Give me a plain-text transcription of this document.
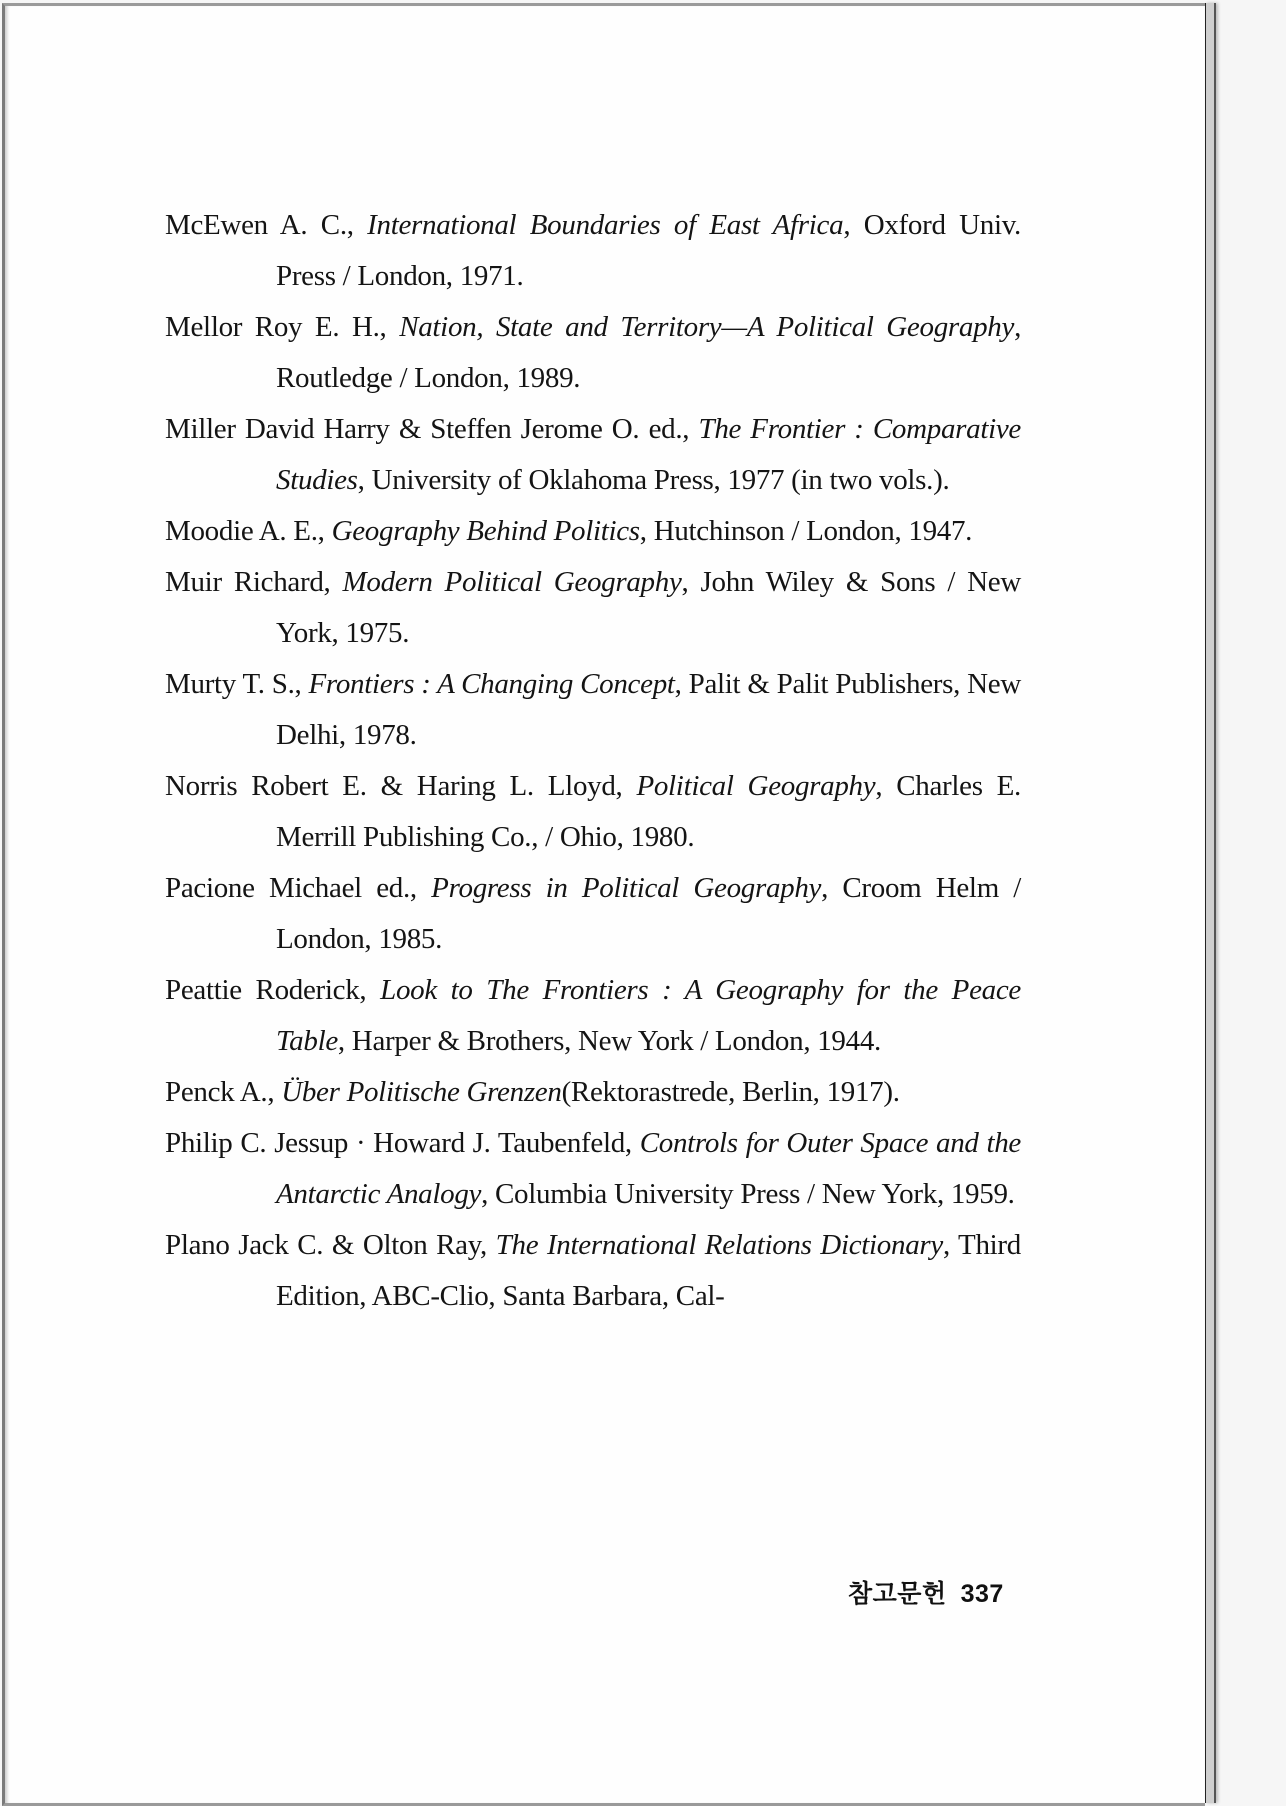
McEwen A. C., International Boundaries of East Africa, Oxford Univ. Press / London, 1971.

Mellor Roy E. H., Nation, State and Territory—A Political Geography, Routledge / London, 1989.

Miller David Harry & Steffen Jerome O. ed., The Frontier : Comparative Studies, University of Oklahoma Press, 1977 (in two vols.).

Moodie A. E., Geography Behind Politics, Hutchinson / London, 1947.

Muir Richard, Modern Political Geography, John Wiley & Sons / New York, 1975.

Murty T. S., Frontiers : A Changing Concept, Palit & Palit Publishers, New Delhi, 1978.

Norris Robert E. & Haring L. Lloyd, Political Geography, Charles E. Merrill Publishing Co., / Ohio, 1980.

Pacione Michael ed., Progress in Political Geography, Croom Helm / London, 1985.

Peattie Roderick, Look to The Frontiers : A Geography for the Peace Table, Harper & Brothers, New York / London, 1944.

Penck A., Über Politische Grenzen(Rektorastrede, Berlin, 1917).

Philip C. Jessup · Howard J. Taubenfeld, Controls for Outer Space and the Antarctic Analogy, Columbia University Press / New York, 1959.

Plano Jack C. & Olton Ray, The International Relations Dictionary, Third Edition, ABC-Clio, Santa Barbara, Cal-

참고문헌 337
